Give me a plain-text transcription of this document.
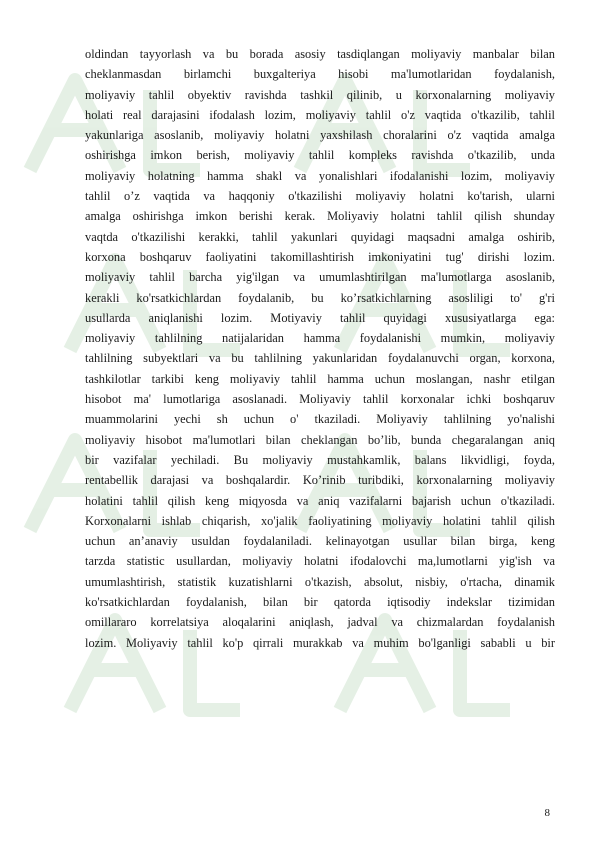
oldindan tayyorlash va bu borada asosiy tasdiqlangan moliyaviy manbalar bilan
cheklanmasdan birlamchi buxgalteriya hisobi ma'lumotlaridan foydalanish,
moliyaviy tahlil obyektiv ravishda tashkil qilinib, u korxonalarning moliyaviy
holati real darajasini ifodalash lozim, moliyaviy tahlil o'z vaqtida o'tkazilib, tahlil
yakunlariga asoslanib, moliyaviy holatni yaxshilash choralarini o'z vaqtida amalga
oshirishga imkon berish, moliyaviy tahlil kompleks ravishda o'tkazilib, unda
moliyaviy holatning hamma shakl va yonalishlari ifodalanishi lozim, moliyaviy
tahlil o’z vaqtida va haqqoniy o'tkazilishi moliyaviy holatni ko'tarish, ularni
amalga oshirishga imkon berishi kerak. Moliyaviy holatni tahlil qilish shunday
vaqtda o'tkazilishi kerakki, tahlil yakunlari quyidagi maqsadni amalga oshirib,
korxona boshqaruv faoliyatini takomillashtirish imkoniyatini tug' dirishi lozim.
moliyaviy tahlil barcha yig'ilgan va umumlashtirilgan ma'lumotlarga asoslanib,
kerakli ko'rsatkichlardan foydalanib, bu ko’rsatkichlarning asosliligi to' g'ri
usullarda aniqlanishi lozim. Motiyaviy tahlil quyidagi xususiyatlarga ega:
moliyaviy tahlilning natijalaridan hamma foydalanishi mumkin, moliyaviy
tahlilning subyektlari va bu tahlilning yakunlaridan foydalanuvchi organ, korxona,
tashkilotlar tarkibi keng moliyaviy tahlil hamma uchun moslangan, nashr etilgan
hisobot ma' lumotlariga asoslanadi. Moliyaviy tahlil korxonalar ichki boshqaruv
muammolarini yechi sh uchun o' tkaziladi. Moliyaviy tahlilning yo'nalishi
moliyaviy hisobot ma'lumotlari bilan cheklangan bo’lib, bunda chegaralangan aniq
bir vazifalar yechiladi. Bu moliyaviy mustahkamlik, balans likvidligi, foyda,
rentabellik darajasi va boshqalardir. Ko’rinib turibdiki, korxonalarning moliyaviy
holatini tahlil qilish keng miqyosda va aniq vazifalarni bajarish uchun o'tkaziladi.
Korxonalarni ishlab chiqarish, xo'jalik faoliyatining moliyaviy holatini tahlil qilish
uchun an’anaviy usuldan foydalaniladi. kelinayotgan usullar bilan birga, keng
tarzda statistic usullardan, moliyaviy holatni ifodalovchi ma,lumotlarni yig'ish va
umumlashtirish, statistik kuzatishlarni o'tkazish, absolut, nisbiy, o'rtacha, dinamik
ko'rsatkichlardan foydalanish, bilan bir qatorda iqtisodiy indekslar tizimidan
omillararo korrelatsiya aloqalarini aniqlash, jadval va chizmalardan foydalanish
lozim. Moliyaviy tahlil ko'p qirrali murakkab va muhim bo'lganligi sababli u bir
8
